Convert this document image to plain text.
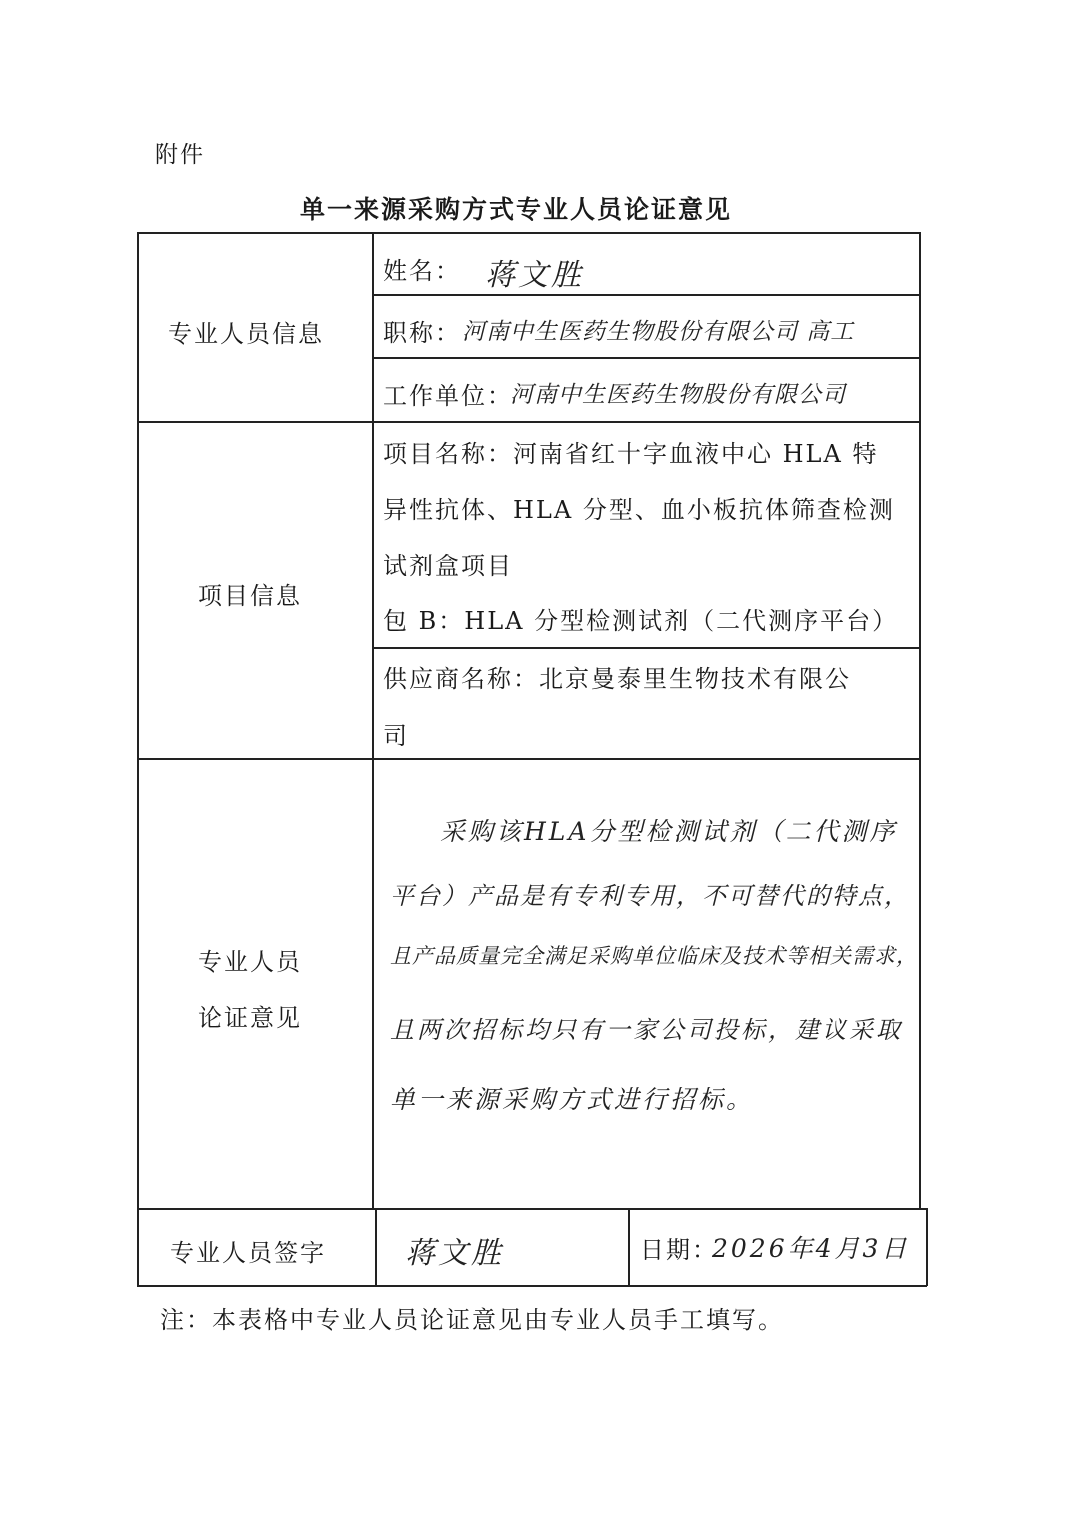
附件
单一来源采购方式专业人员论证意见
专业人员信息
姓名： 蒋文胜
职称： 河南中生医药生物股份有限公司 高工
工作单位：
河南中生医药生物股份有限公司
项目信息
项目名称：河南省红十字血液中心 HLA 特
异性抗体、HLA 分型、血小板抗体筛查检测
试剂盒项目
包 B：HLA 分型检测试剂（二代测序平台）
供应商名称：北京曼泰里生物技术有限公
司
专业人员
论证意见
采购该HLA分型检测试剂（二代测序
平台）产品是有专利专用，不可替代的特点，
且产品质量完全满足采购单位临床及技术等相关需求，
且两次招标均只有一家公司投标，建议采取
单一来源采购方式进行招标。
专业人员签字	蒋文胜	日期：
2026年4月3日
注：本表格中专业人员论证意见由专业人员手工填写。
